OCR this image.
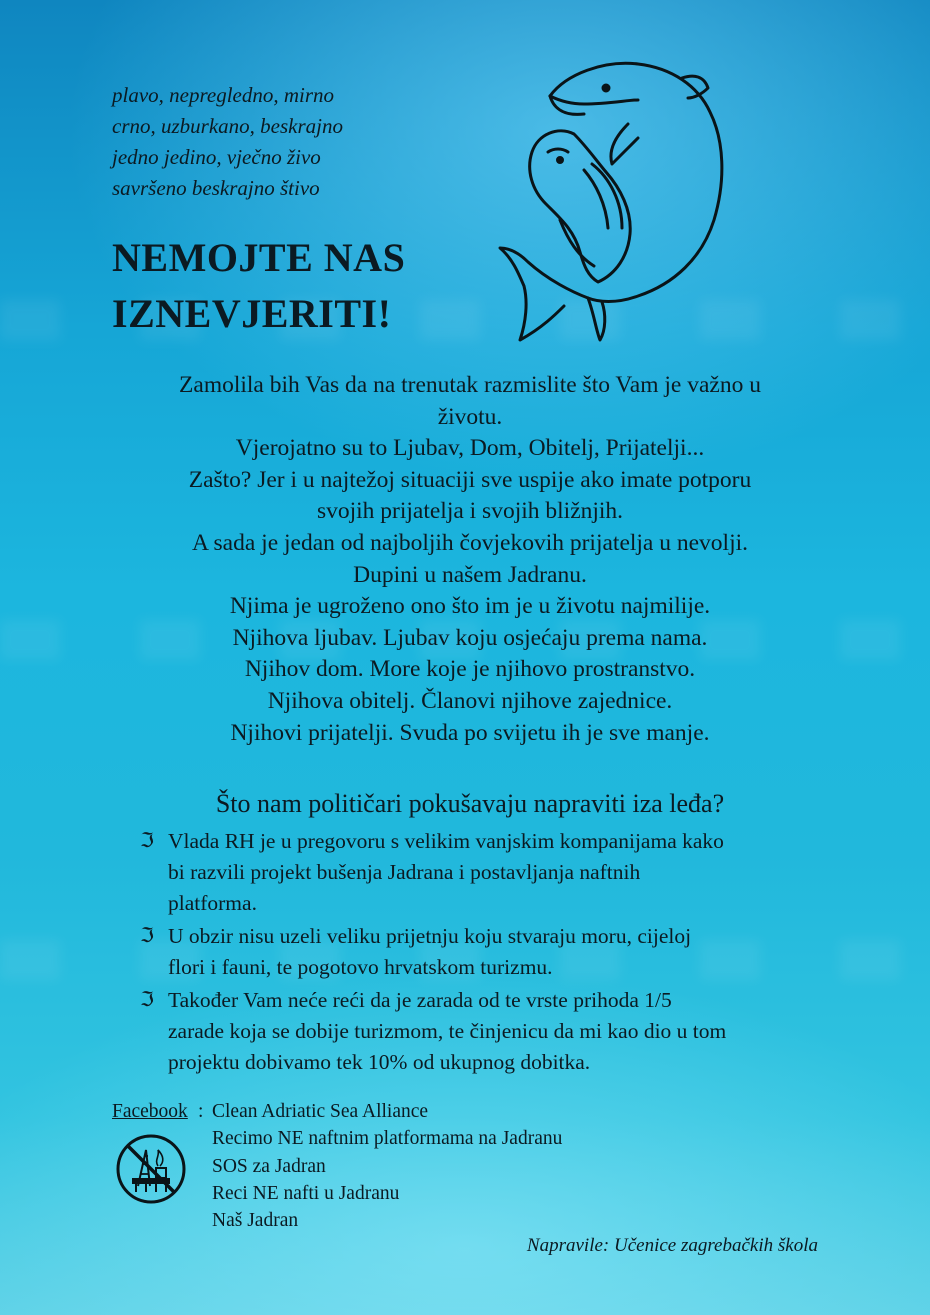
plavo, nepregledno, mirno
crno, uzburkano, beskrajno
jedno jedino, vječno živo
savršeno beskrajno štivo
NEMOJTE NAS
IZNEVJERITI!
Zamolila bih Vas da na trenutak razmislite što Vam je važno u
životu.
Vjerojatno su to Ljubav, Dom, Obitelj, Prijatelji...
Zašto? Jer i u najtežoj situaciji sve uspije ako imate potporu
svojih prijatelja i svojih bližnjih.
A sada je jedan od najboljih čovjekovih prijatelja u nevolji.
Dupini u našem Jadranu.
Njima je ugroženo ono što im je u životu najmilije.
Njihova ljubav. Ljubav koju osjećaju prema nama.
Njihov dom. More koje je njihovo prostranstvo.
Njihova obitelj. Članovi njihove zajednice.
Njihovi prijatelji. Svuda po svijetu ih je sve manje.
Što nam političari pokušavaju napraviti iza leđa?
ℑ Vlada RH je u pregovoru s velikim vanjskim kompanijama kako
bi razvili projekt bušenja Jadrana i postavljanja naftnih
platforma.
ℑ U obzir nisu uzeli veliku prijetnju koju stvaraju moru, cijeloj
flori i fauni, te pogotovo hrvatskom turizmu.
ℑ Također Vam neće reći da je zarada od te vrste prihoda 1/5
zarade koja se dobije turizmom, te činjenicu da mi kao dio u tom
projektu dobivamo tek 10% od ukupnog dobitka.
Facebook : Clean Adriatic Sea Alliance
Recimo NE naftnim platformama na Jadranu
SOS za Jadran
Reci NE nafti u Jadranu
Naš Jadran
Napravile: Učenice zagrebačkih škola
